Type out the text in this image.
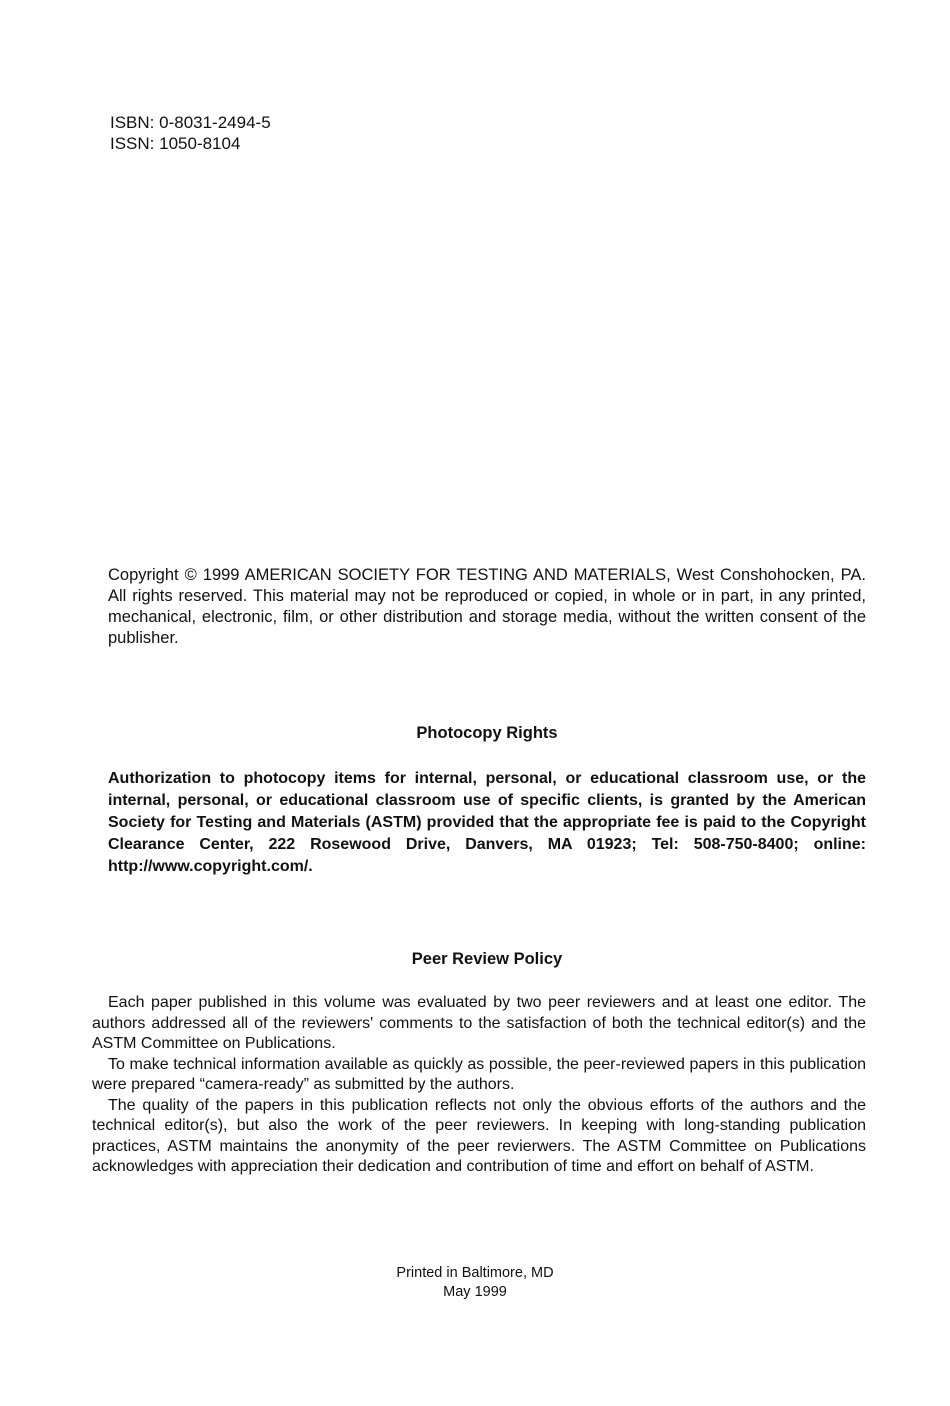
ISBN: 0-8031-2494-5
ISSN: 1050-8104
Copyright © 1999 AMERICAN SOCIETY FOR TESTING AND MATERIALS, West Conshohocken, PA. All rights reserved. This material may not be reproduced or copied, in whole or in part, in any printed, mechanical, electronic, film, or other distribution and storage media, without the written consent of the publisher.
Photocopy Rights
Authorization to photocopy items for internal, personal, or educational classroom use, or the internal, personal, or educational classroom use of specific clients, is granted by the American Society for Testing and Materials (ASTM) provided that the appropriate fee is paid to the Copyright Clearance Center, 222 Rosewood Drive, Danvers, MA 01923; Tel: 508-750-8400; online: http://www.copyright.com/.
Peer Review Policy

Each paper published in this volume was evaluated by two peer reviewers and at least one editor. The authors addressed all of the reviewers' comments to the satisfaction of both the technical editor(s) and the ASTM Committee on Publications.

To make technical information available as quickly as possible, the peer-reviewed papers in this publication were prepared “camera-ready” as submitted by the authors.

The quality of the papers in this publication reflects not only the obvious efforts of the authors and the technical editor(s), but also the work of the peer reviewers. In keeping with long-standing publication practices, ASTM maintains the anonymity of the peer revierwers. The ASTM Committee on Publications acknowledges with appreciation their dedication and contribution of time and effort on behalf of ASTM.

Printed in Baltimore, MD
May 1999
